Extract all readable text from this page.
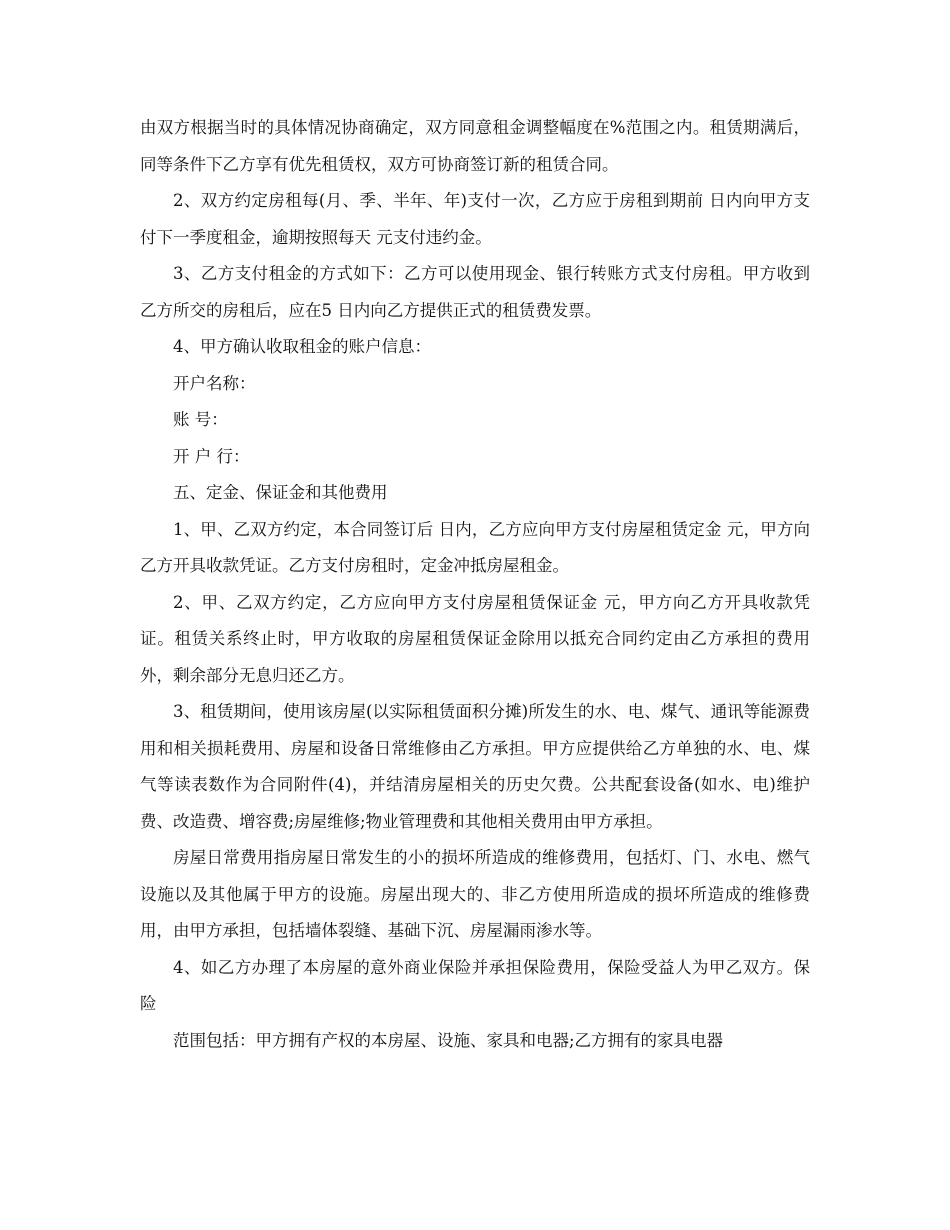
由双方根据当时的具体情况协商确定，双方同意租金调整幅度在%范围之内。租赁期满后，同等条件下乙方享有优先租赁权，双方可协商签订新的租赁合同。

2、双方约定房租每(月、季、半年、年)支付一次，乙方应于房租到期前 日内向甲方支付下一季度租金，逾期按照每天 元支付违约金。

3、乙方支付租金的方式如下：乙方可以使用现金、银行转账方式支付房租。甲方收到乙方所交的房租后，应在5 日内向乙方提供正式的租赁费发票。

4、甲方确认收取租金的账户信息：

开户名称：

账 号：

开 户 行：

五、定金、保证金和其他费用

1、甲、乙双方约定，本合同签订后 日内，乙方应向甲方支付房屋租赁定金 元，甲方向乙方开具收款凭证。乙方支付房租时，定金冲抵房屋租金。

2、甲、乙双方约定，乙方应向甲方支付房屋租赁保证金 元，甲方向乙方开具收款凭证。租赁关系终止时，甲方收取的房屋租赁保证金除用以抵充合同约定由乙方承担的费用外，剩余部分无息归还乙方。

3、租赁期间，使用该房屋(以实际租赁面积分摊)所发生的水、电、煤气、通讯等能源费用和相关损耗费用、房屋和设备日常维修由乙方承担。甲方应提供给乙方单独的水、电、煤气等读表数作为合同附件(4)，并结清房屋相关的历史欠费。公共配套设备(如水、电)维护费、改造费、增容费;房屋维修;物业管理费和其他相关费用由甲方承担。

房屋日常费用指房屋日常发生的小的损坏所造成的维修费用，包括灯、门、水电、燃气设施以及其他属于甲方的设施。房屋出现大的、非乙方使用所造成的损坏所造成的维修费用，由甲方承担，包括墙体裂缝、基础下沉、房屋漏雨渗水等。

4、如乙方办理了本房屋的意外商业保险并承担保险费用，保险受益人为甲乙双方。保险

范围包括：甲方拥有产权的本房屋、设施、家具和电器;乙方拥有的家具电器
